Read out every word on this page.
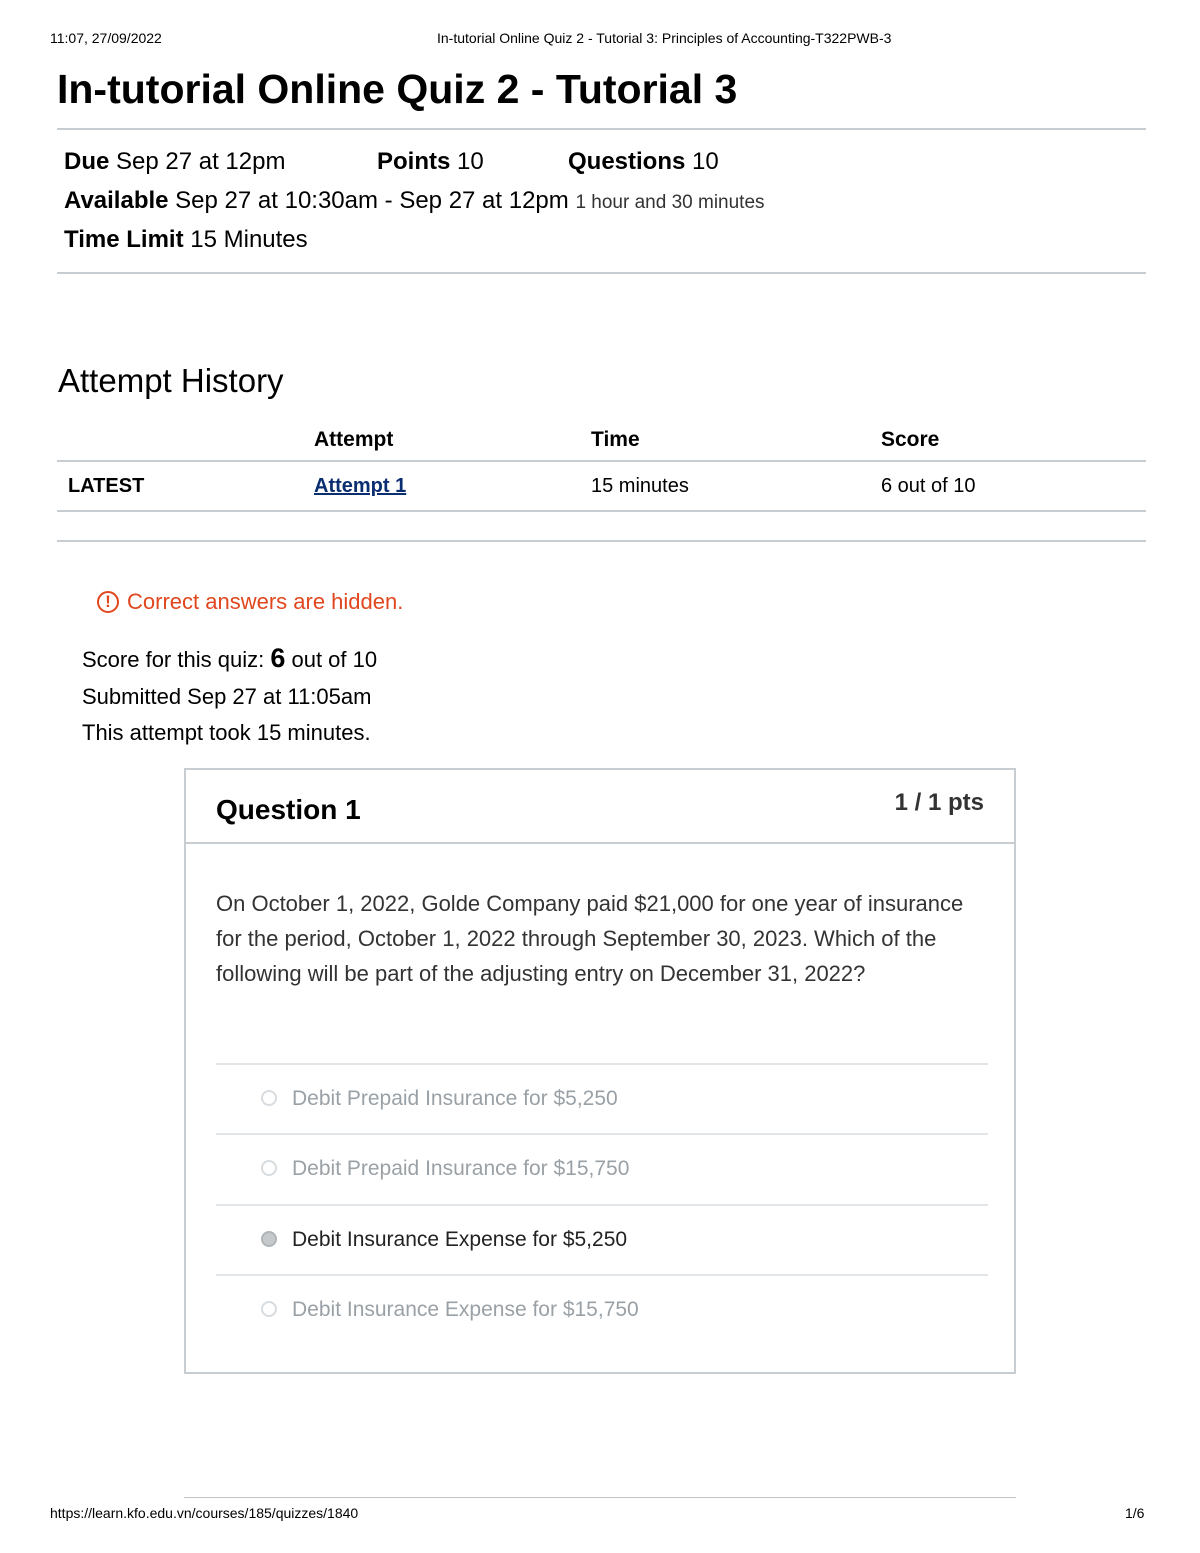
11:07, 27/09/2022	In-tutorial Online Quiz 2 - Tutorial 3: Principles of Accounting-T322PWB-3
In-tutorial Online Quiz 2 - Tutorial 3
Due Sep 27 at 12pm	Points 10	Questions 10
Available Sep 27 at 10:30am - Sep 27 at 12pm 1 hour and 30 minutes
Time Limit 15 Minutes
Attempt History
	Attempt	Time	Score
LATEST	Attempt 1	15 minutes	6 out of 10
! Correct answers are hidden.
Score for this quiz: 6 out of 10
Submitted Sep 27 at 11:05am
This attempt took 15 minutes.
Question 1	1 / 1 pts
On October 1, 2022, Golde Company paid $21,000 for one year of insurance for the period, October 1, 2022 through September 30, 2023. Which of the following will be part of the adjusting entry on December 31, 2022?
Debit Prepaid Insurance for $5,250
Debit Prepaid Insurance for $15,750
Debit Insurance Expense for $5,250
Debit Insurance Expense for $15,750
https://learn.kfo.edu.vn/courses/185/quizzes/1840	1/6
